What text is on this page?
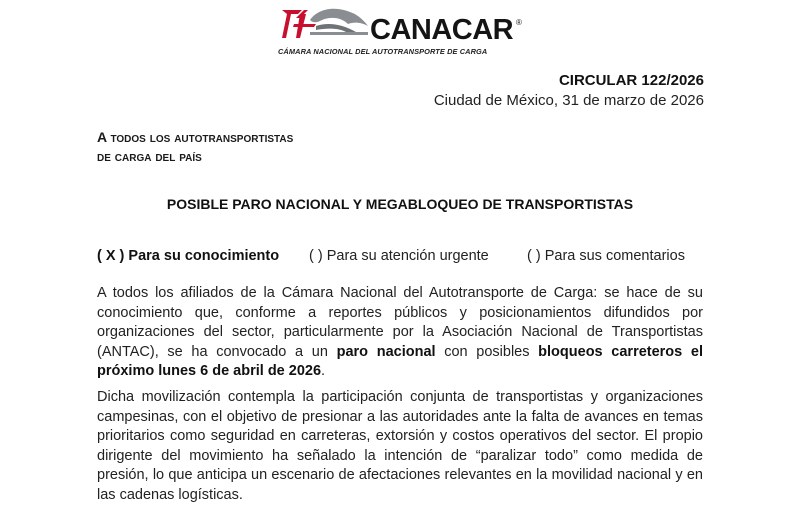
CANACAR ®
CÁMARA NACIONAL DEL AUTOTRANSPORTE DE CARGA
CIRCULAR 122/2026
Ciudad de México, 31 de marzo de 2026
A todos los autotransportistas
de carga del país
POSIBLE PARO NACIONAL Y MEGABLOQUEO DE TRANSPORTISTAS
( X ) Para su conocimiento ( ) Para su atención urgente	( ) Para sus comentarios
A todos los afiliados de la Cámara Nacional del Autotransporte de Carga: se hace de su conocimiento que, conforme a reportes públicos y posicionamientos difundidos por organizaciones del sector, particularmente por la Asociación Nacional de Transportistas (ANTAC), se ha convocado a un paro nacional con posibles bloqueos carreteros el próximo lunes 6 de abril de 2026.
Dicha movilización contempla la participación conjunta de transportistas y organizaciones campesinas, con el objetivo de presionar a las autoridades ante la falta de avances en temas prioritarios como seguridad en carreteras, extorsión y costos operativos del sector. El propio dirigente del movimiento ha señalado la intención de “paralizar todo” como medida de presión, lo que anticipa un escenario de afectaciones relevantes en la movilidad nacional y en las cadenas logísticas.
